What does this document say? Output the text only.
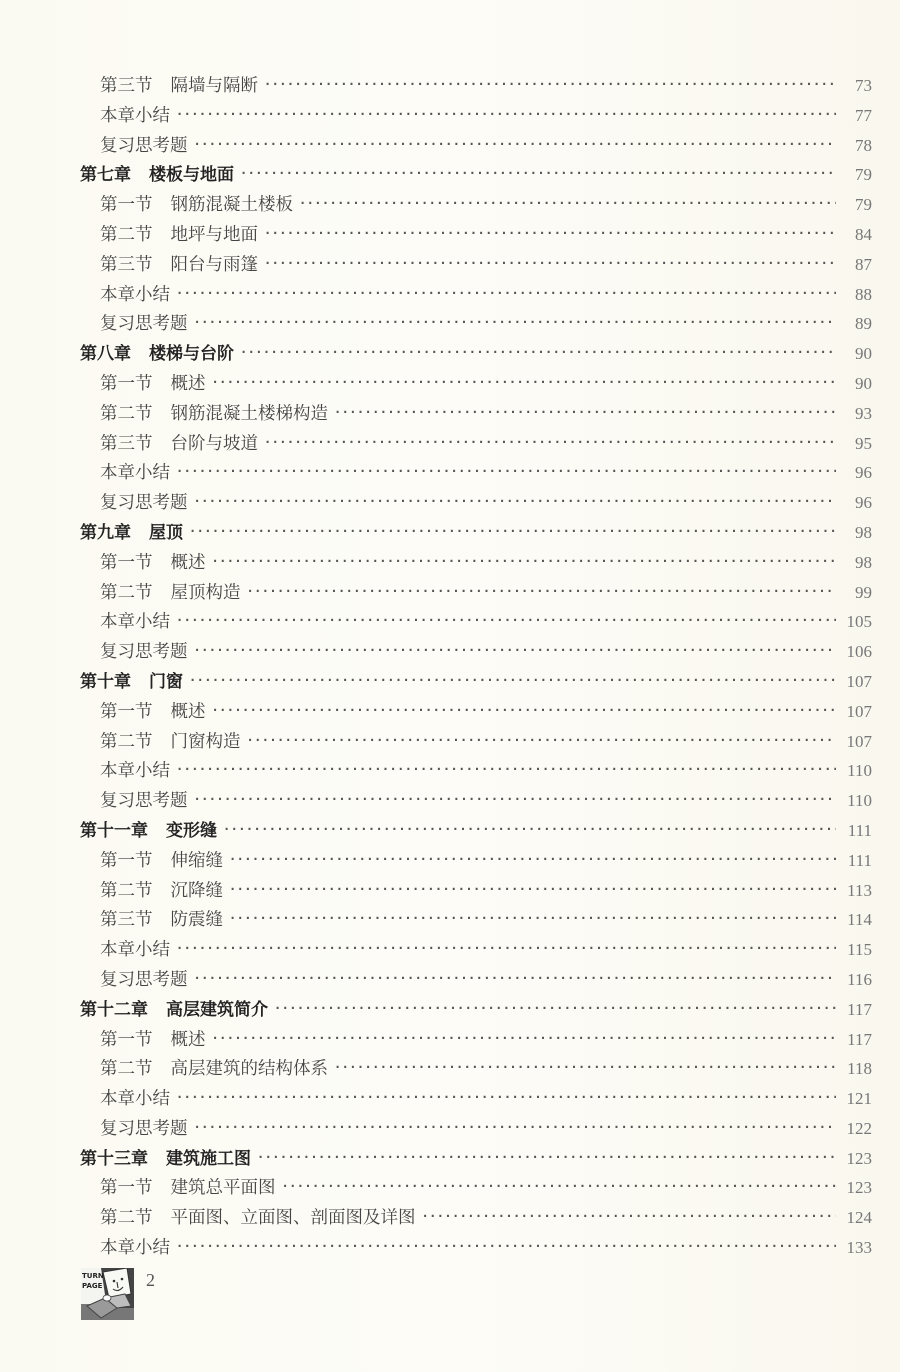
第三节 隔墙与隔断 ·····	73
本章小结 ·····	77
复习思考题 ·····	78
第七章 楼板与地面 ·····	79
第一节 钢筋混凝土楼板 ·····	79
第二节 地坪与地面 ·····	84
第三节 阳台与雨篷 ·····	87
本章小结 ·····	88
复习思考题 ·····	89
第八章 楼梯与台阶 ·····	90
第一节 概述 ·····	90
第二节 钢筋混凝土楼梯构造 ·····	93
第三节 台阶与坡道 ·····	95
本章小结 ·····	96
复习思考题 ·····	96
第九章 屋顶 ·····	98
第一节 概述 ·····	98
第二节 屋顶构造 ·····	99
本章小结 ·····	105
复习思考题 ·····	106
第十章 门窗 ·····	107
第一节 概述 ·····	107
第二节 门窗构造 ·····	107
本章小结 ·····	110
复习思考题 ·····	110
第十一章 变形缝 ·····	111
第一节 伸缩缝 ·····	111
第二节 沉降缝 ·····	113
第三节 防震缝 ·····	114
本章小结 ·····	115
复习思考题 ·····	116
第十二章 高层建筑简介 ·····	117
第一节 概述 ·····	117
第二节 高层建筑的结构体系 ·····	118
本章小结 ·····	121
复习思考题 ·····	122
第十三章 建筑施工图 ·····	123
第一节 建筑总平面图 ·····	123
第二节 平面图、立面图、剖面图及详图 ·····	124
本章小结 ·····	133
TURN
PAGE 2
